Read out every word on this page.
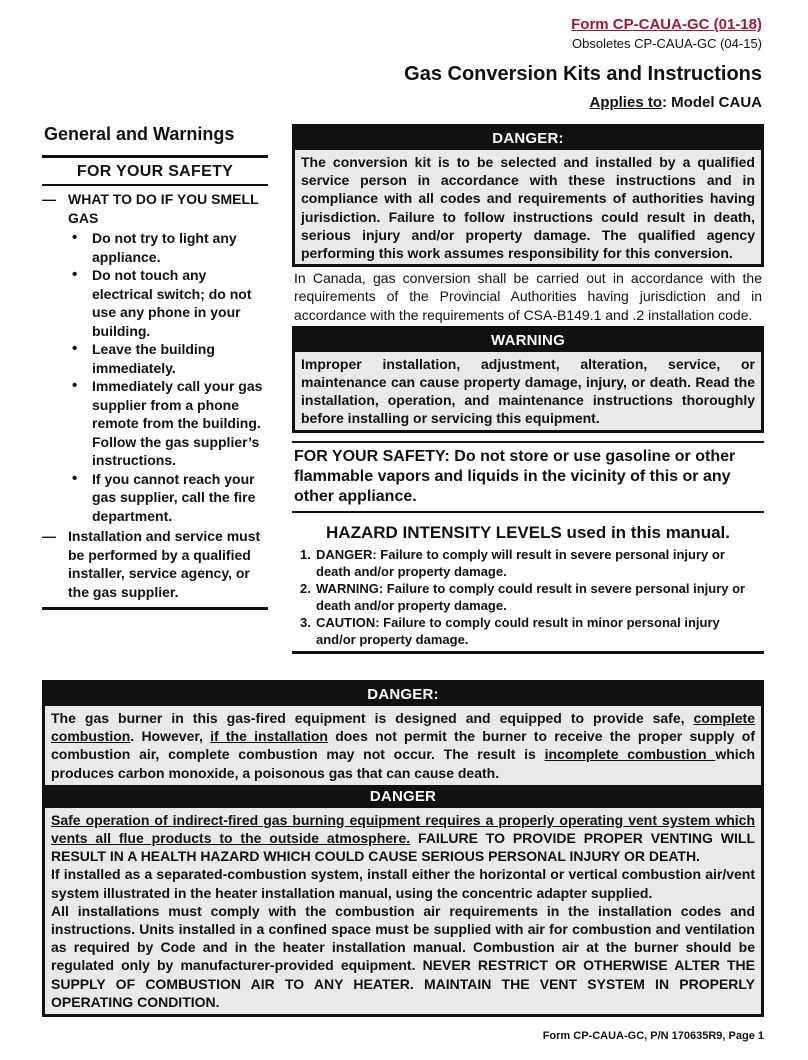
Form CP-CAUA-GC (01-18)
Obsoletes CP-CAUA-GC (04-15)
Gas Conversion Kits and Instructions
Applies to: Model CAUA
General and Warnings
FOR YOUR SAFETY
— WHAT TO DO IF YOU SMELL GAS
•	Do not try to light any appliance.
•	Do not touch any electrical switch; do not use any phone in your building.
•	Leave the building immediately.
•	Immediately call your gas supplier from a phone remote from the building. Follow the gas supplier’s instructions.
•	If you cannot reach your gas supplier, call the fire department.
— Installation and service must be performed by a qualified installer, service agency, or the gas supplier.
DANGER:
The conversion kit is to be selected and installed by a qualified service person in accordance with these instructions and in compliance with all codes and requirements of authorities having jurisdiction. Failure to follow instructions could result in death, serious injury and/or property damage. The qualified agency performing this work assumes responsibility for this conversion.
In Canada, gas conversion shall be carried out in accordance with the requirements of the Provincial Authorities having jurisdiction and in accordance with the requirements of CSA-B149.1 and .2 installation code.
WARNING
Improper installation, adjustment, alteration, service, or maintenance can cause property damage, injury, or death. Read the installation, operation, and maintenance instructions thoroughly before installing or servicing this equipment.
FOR YOUR SAFETY: Do not store or use gasoline or other flammable vapors and liquids in the vicinity of this or any other appliance.
HAZARD INTENSITY LEVELS used in this manual.
1. DANGER: Failure to comply will result in severe personal injury or death and/or property damage.
2. WARNING: Failure to comply could result in severe personal injury or death and/or property damage.
3. CAUTION: Failure to comply could result in minor personal injury and/or property damage.
DANGER:
The gas burner in this gas-fired equipment is designed and equipped to provide safe, complete combustion. However, if the installation does not permit the burner to receive the proper supply of combustion air, complete combustion may not occur. The result is incomplete combustion which produces carbon monoxide, a poisonous gas that can cause death.
DANGER
Safe operation of indirect-fired gas burning equipment requires a properly operating vent system which vents all flue products to the outside atmosphere. FAILURE TO PROVIDE PROPER VENTING WILL RESULT IN A HEALTH HAZARD WHICH COULD CAUSE SERIOUS PERSONAL INJURY OR DEATH.
If installed as a separated-combustion system, install either the horizontal or vertical combustion air/vent system illustrated in the heater installation manual, using the concentric adapter supplied.
All installations must comply with the combustion air requirements in the installation codes and instructions. Units installed in a confined space must be supplied with air for combustion and ventilation as required by Code and in the heater installation manual. Combustion air at the burner should be regulated only by manufacturer-provided equipment. NEVER RESTRICT OR OTHERWISE ALTER THE SUPPLY OF COMBUSTION AIR TO ANY HEATER. MAINTAIN THE VENT SYSTEM IN PROPERLY OPERATING CONDITION.
Form CP-CAUA-GC, P/N 170635R9, Page 1
